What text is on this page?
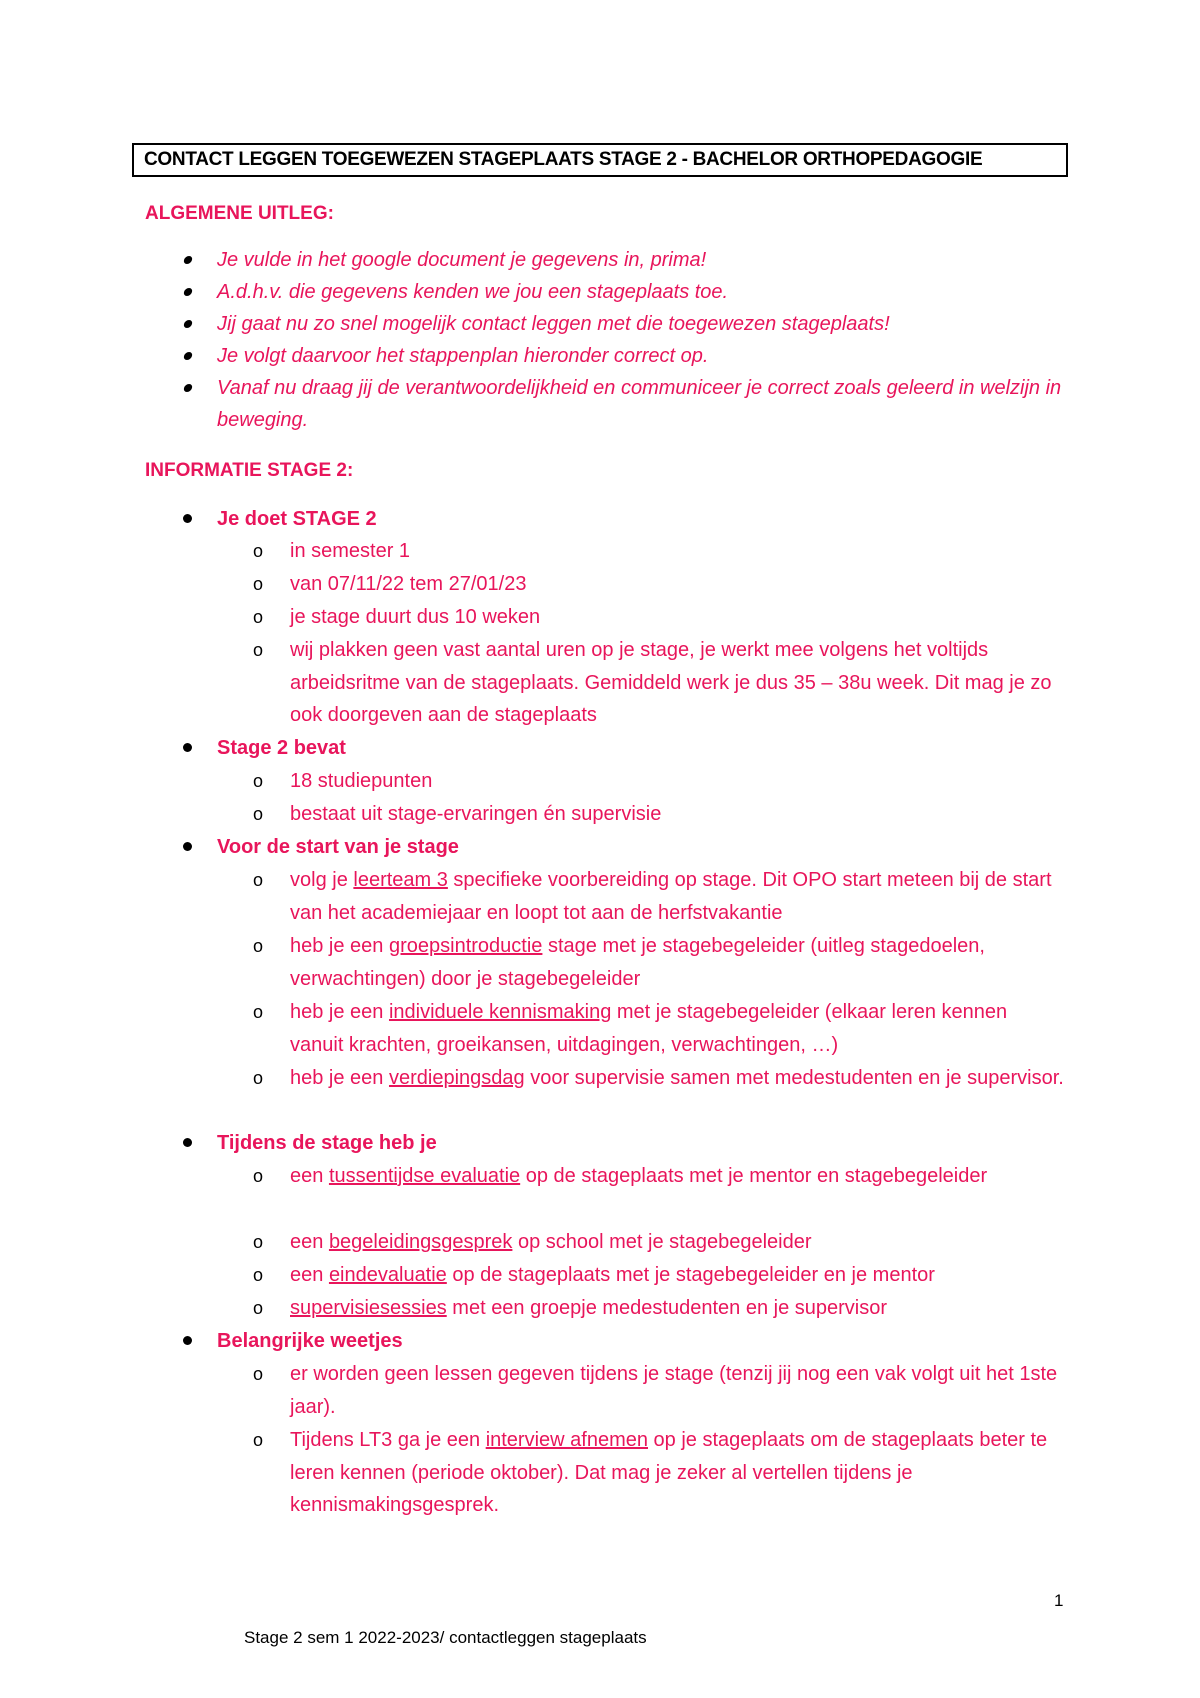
CONTACT LEGGEN TOEGEWEZEN STAGEPLAATS STAGE 2 - BACHELOR ORTHOPEDAGOGIE
ALGEMENE UITLEG:
Je vulde in het google document je gegevens in, prima!
A.d.h.v. die gegevens kenden we jou een stageplaats toe.
Jij gaat nu zo snel mogelijk contact leggen met die toegewezen stageplaats!
Je volgt daarvoor het stappenplan hieronder correct op.
Vanaf nu draag jij de verantwoordelijkheid en communiceer je correct zoals geleerd in welzijn in beweging.
INFORMATIE STAGE 2:
Je doet STAGE 2
o in semester 1
o van 07/11/22 tem 27/01/23
o je stage duurt dus 10 weken
o wij plakken geen vast aantal uren op je stage, je werkt mee volgens het voltijds arbeidsritme van de stageplaats. Gemiddeld werk je dus 35 – 38u week. Dit mag je zo ook doorgeven aan de stageplaats
Stage 2 bevat
o 18 studiepunten
o bestaat uit stage-ervaringen én supervisie
Voor de start van je stage
o volg je leerteam 3 specifieke voorbereiding op stage. Dit OPO start meteen bij de start van het academiejaar en loopt tot aan de herfstvakantie
o heb je een groepsintroductie stage met je stagebegeleider (uitleg stagedoelen, verwachtingen) door je stagebegeleider
o heb je een individuele kennismaking met je stagebegeleider (elkaar leren kennen vanuit krachten, groeikansen, uitdagingen, verwachtingen, …)
o heb je een verdiepingsdag voor supervisie samen met medestudenten en je supervisor.
Tijdens de stage heb je
o een tussentijdse evaluatie op de stageplaats met je mentor en stagebegeleider
o een begeleidingsgesprek op school met je stagebegeleider
o een eindevaluatie op de stageplaats met je stagebegeleider en je mentor
o supervisiesessies met een groepje medestudenten en je supervisor
Belangrijke weetjes
o er worden geen lessen gegeven tijdens je stage (tenzij jij nog een vak volgt uit het 1ste jaar).
o Tijdens LT3 ga je een interview afnemen op je stageplaats om de stageplaats beter te leren kennen (periode oktober). Dat mag je zeker al vertellen tijdens je kennismakingsgesprek.
1
Stage 2 sem 1 2022-2023/ contactleggen stageplaats
